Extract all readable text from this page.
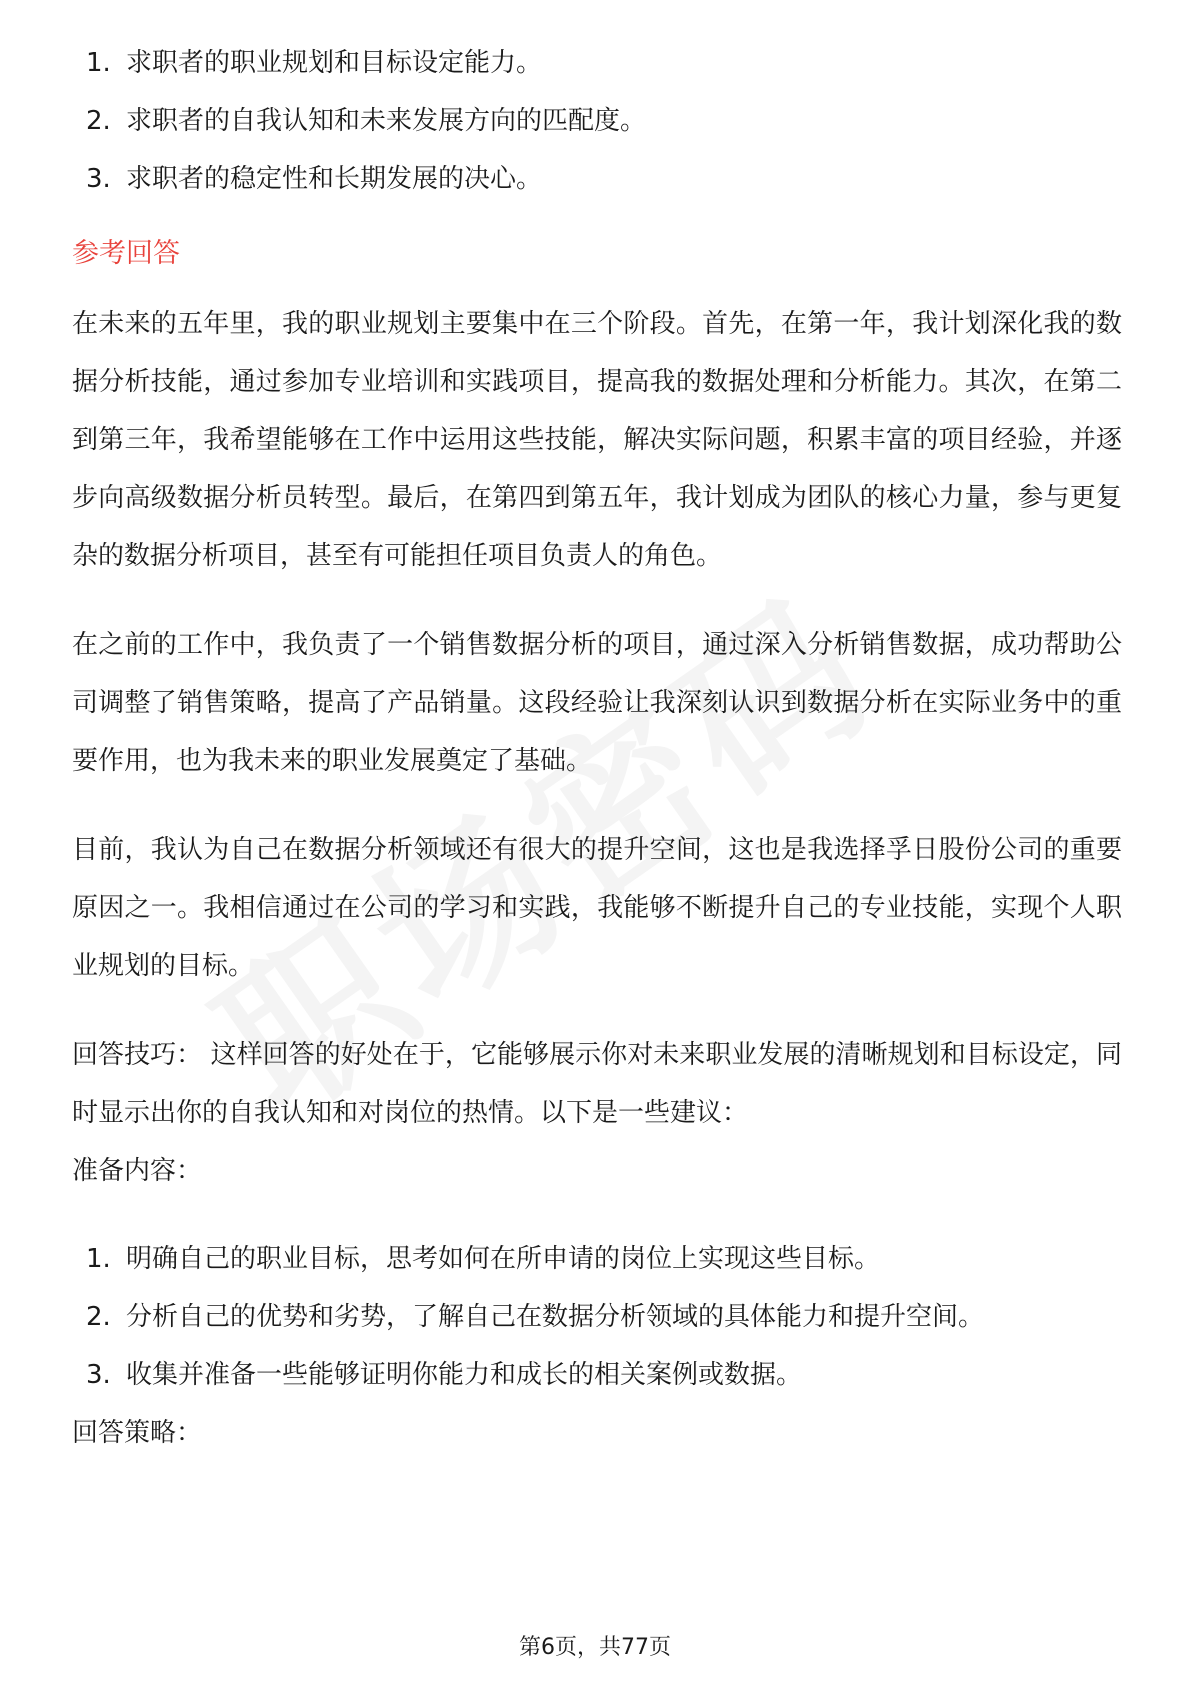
1. 求职者的职业规划和目标设定能力。
2. 求职者的自我认知和未来发展方向的匹配度。
3. 求职者的稳定性和长期发展的决心。
参考回答

在未来的五年里，我的职业规划主要集中在三个阶段。首先，在第一年，我计划深化我的数据分析技能，通过参加专业培训和实践项目，提高我的数据处理和分析能力。其次，在第二到第三年，我希望能够在工作中运用这些技能，解决实际问题，积累丰富的项目经验，并逐步向高级数据分析员转型。最后，在第四到第五年，我计划成为团队的核心力量，参与更复杂的数据分析项目，甚至有可能担任项目负责人的角色。

在之前的工作中，我负责了一个销售数据分析的项目，通过深入分析销售数据，成功帮助公司调整了销售策略，提高了产品销量。这段经验让我深刻认识到数据分析在实际业务中的重要作用，也为我未来的职业发展奠定了基础。

目前，我认为自己在数据分析领域还有很大的提升空间，这也是我选择孚日股份公司的重要原因之一。我相信通过在公司的学习和实践，我能够不断提升自己的专业技能，实现个人职业规划的目标。

回答技巧： 这样回答的好处在于，它能够展示你对未来职业发展的清晰规划和目标设定，同时显示出你的自我认知和对岗位的热情。以下是一些建议：

准备内容：

1. 明确自己的职业目标，思考如何在所申请的岗位上实现这些目标。
2. 分析自己的优势和劣势，了解自己在数据分析领域的具体能力和提升空间。
3. 收集并准备一些能够证明你能力和成长的相关案例或数据。

回答策略：

第6页，共77页
